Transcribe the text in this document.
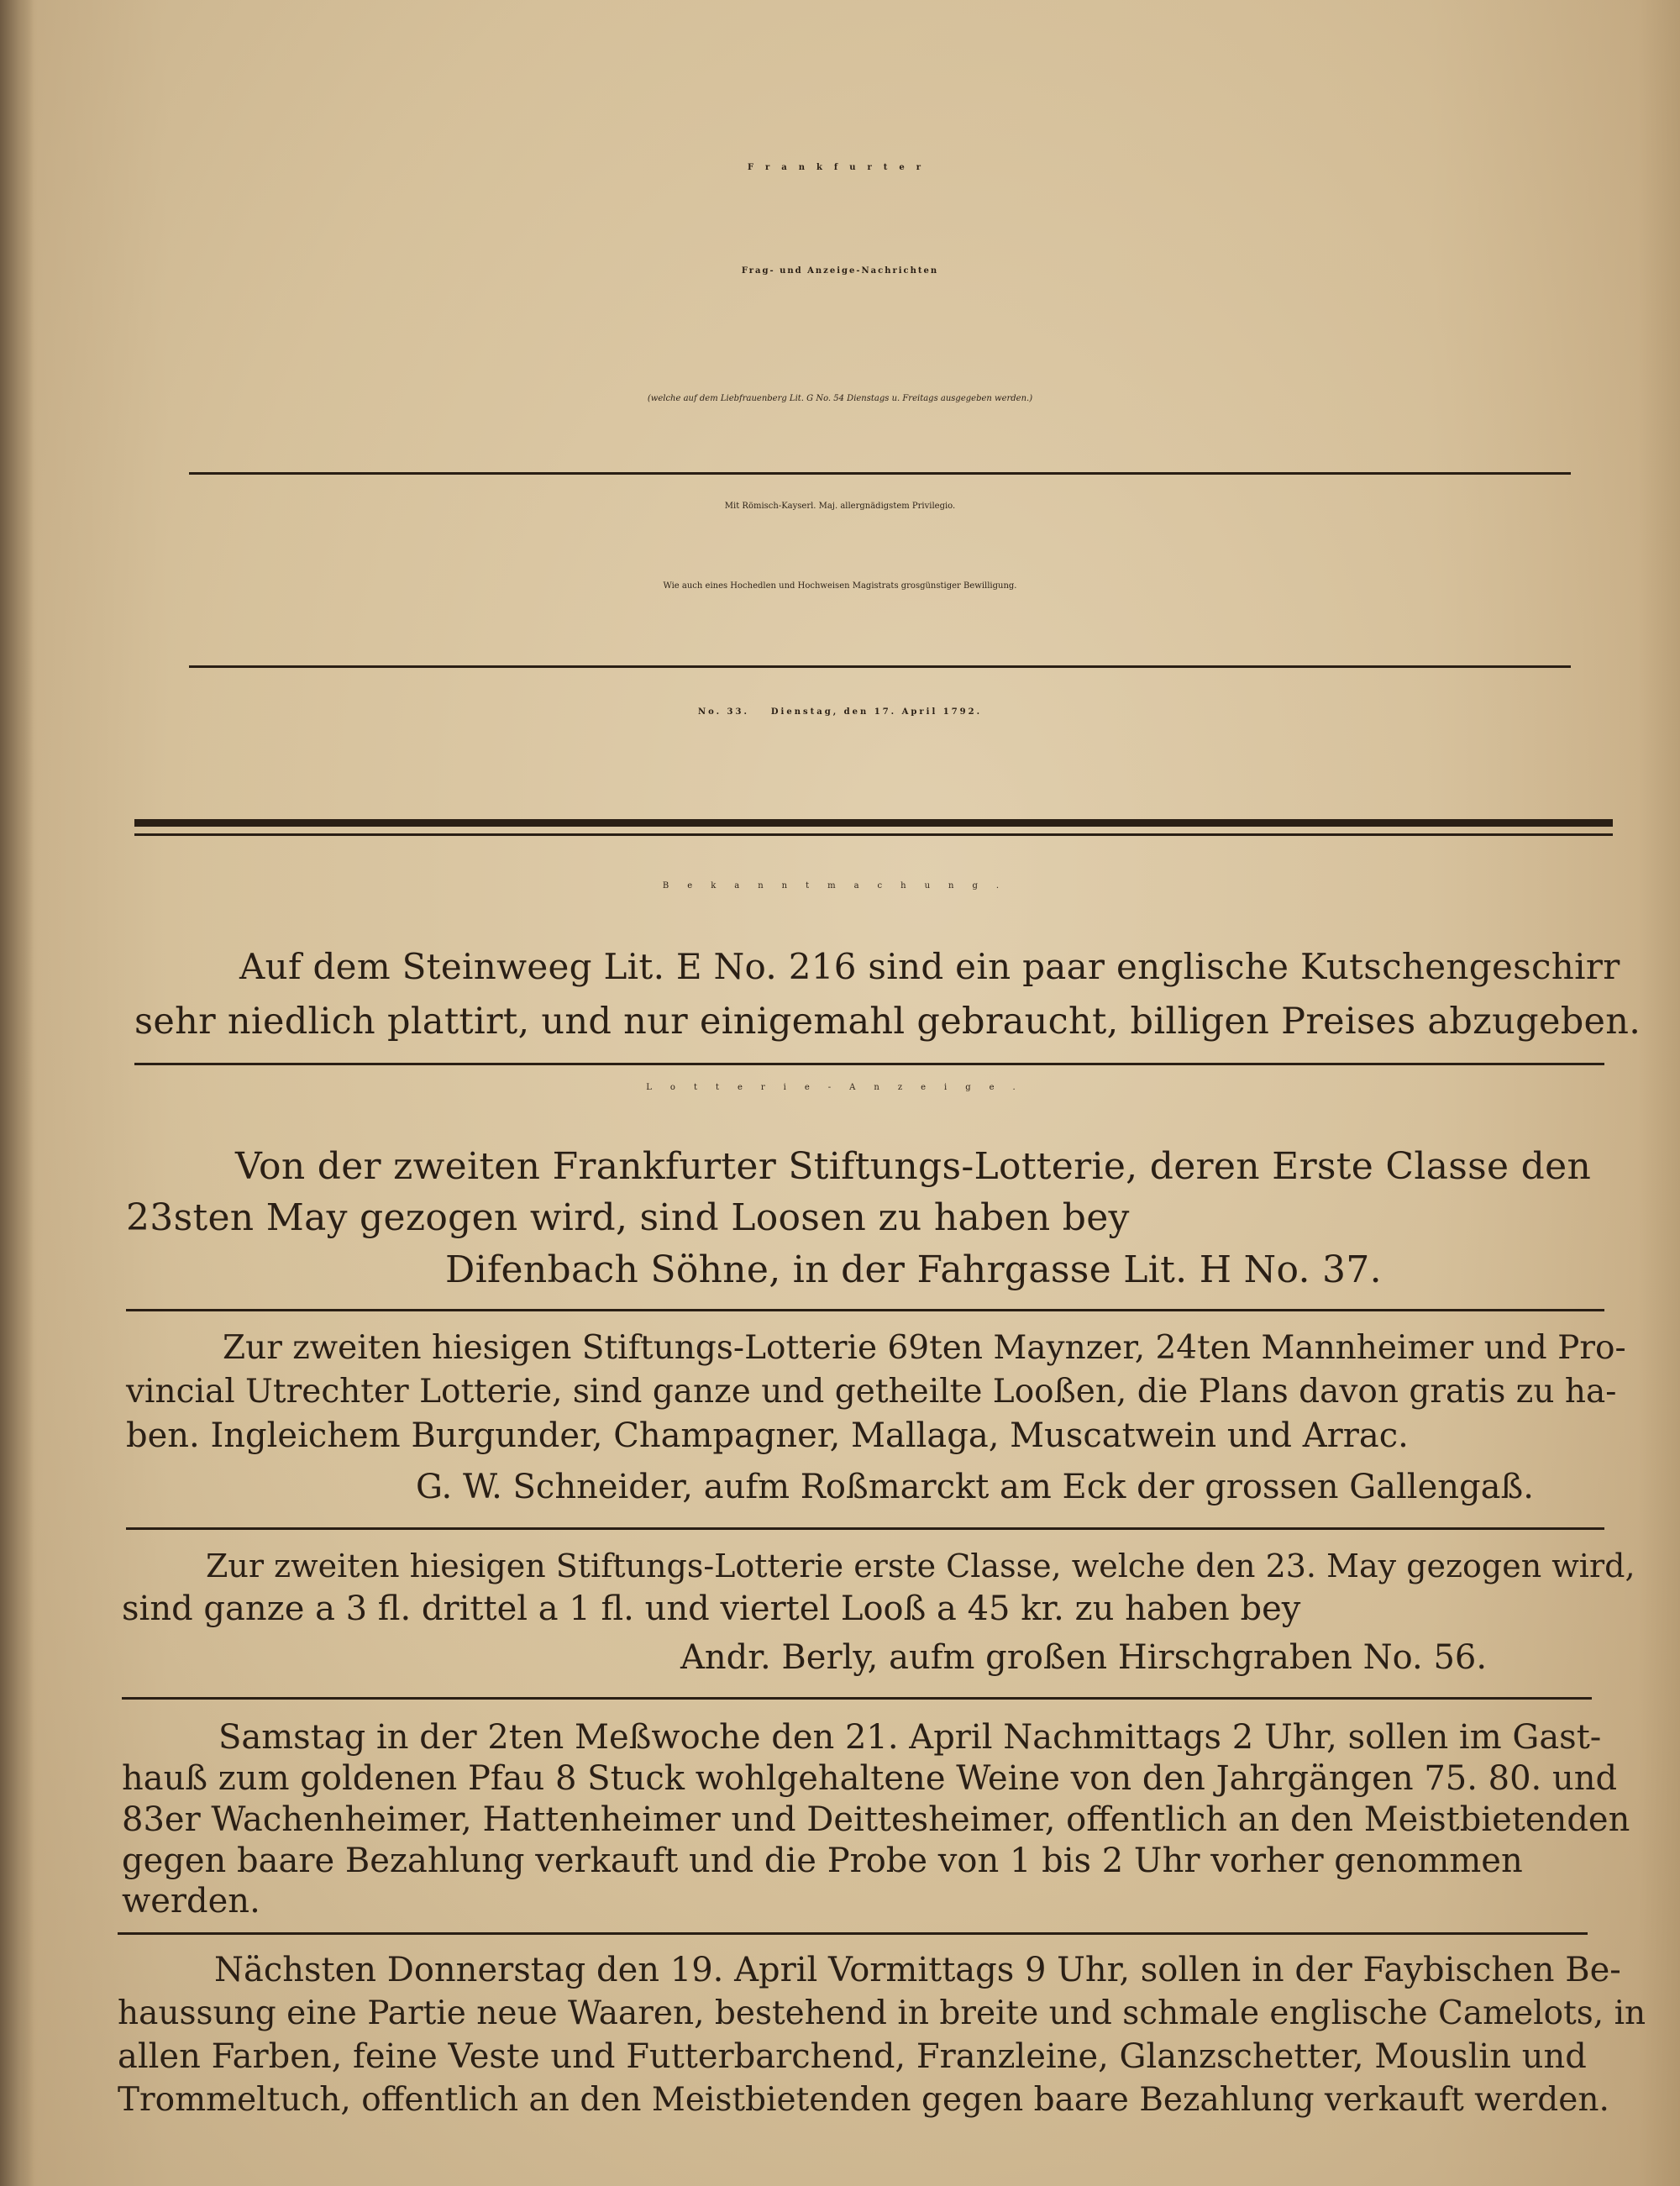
Frankfurter
Frag- und Anzeige-Nachrichten
(welche auf dem Liebfrauenberg Lit. G No. 54 Dienstags u. Freitags ausgegeben werden.)
Mit Römisch-Kayserl. Maj. allergnädigstem Privilegio.
Wie auch eines Hochedlen und Hochweisen Magistrats grosgünstiger Bewilligung.
No. 33.	Dienstag, den 17. April 1792.
Bekanntmachung.
Auf dem Steinweeg Lit. E No. 216 sind ein paar englische Kutschengeschirr
sehr niedlich plattirt, und nur einigemahl gebraucht, billigen Preises abzugeben.
Lotterie-Anzeige.
Von der zweiten Frankfurter Stiftungs-Lotterie, deren Erste Classe den
23sten May gezogen wird, sind Loosen zu haben bey
Difenbach Söhne, in der Fahrgasse Lit. H No. 37.
Zur zweiten hiesigen Stiftungs-Lotterie 69ten Maynzer, 24ten Mannheimer und Pro-
vincial Utrechter Lotterie, sind ganze und getheilte Looßen, die Plans davon gratis zu ha-
ben. Ingleichem Burgunder, Champagner, Mallaga, Muscatwein und Arrac.
G. W. Schneider, aufm Roßmarckt am Eck der grossen Gallengaß.
Zur zweiten hiesigen Stiftungs-Lotterie erste Classe, welche den 23. May gezogen wird,
sind ganze a 3 fl. drittel a 1 fl. und viertel Looß a 45 kr. zu haben bey
Andr. Berly, aufm großen Hirschgraben No. 56.
Samstag in der 2ten Meßwoche den 21. April Nachmittags 2 Uhr, sollen im Gast-
hauß zum goldenen Pfau 8 Stuck wohlgehaltene Weine von den Jahrgängen 75. 80. und
83er Wachenheimer, Hattenheimer und Deittesheimer, offentlich an den Meistbietenden
gegen baare Bezahlung verkauft und die Probe von 1 bis 2 Uhr vorher genommen
werden.
Nächsten Donnerstag den 19. April Vormittags 9 Uhr, sollen in der Faybischen Be-
haussung eine Partie neue Waaren, bestehend in breite und schmale englische Camelots, in
allen Farben, feine Veste und Futterbarchend, Franzleine, Glanzschetter, Mouslin und
Trommeltuch, offentlich an den Meistbietenden gegen baare Bezahlung verkauft werden.
